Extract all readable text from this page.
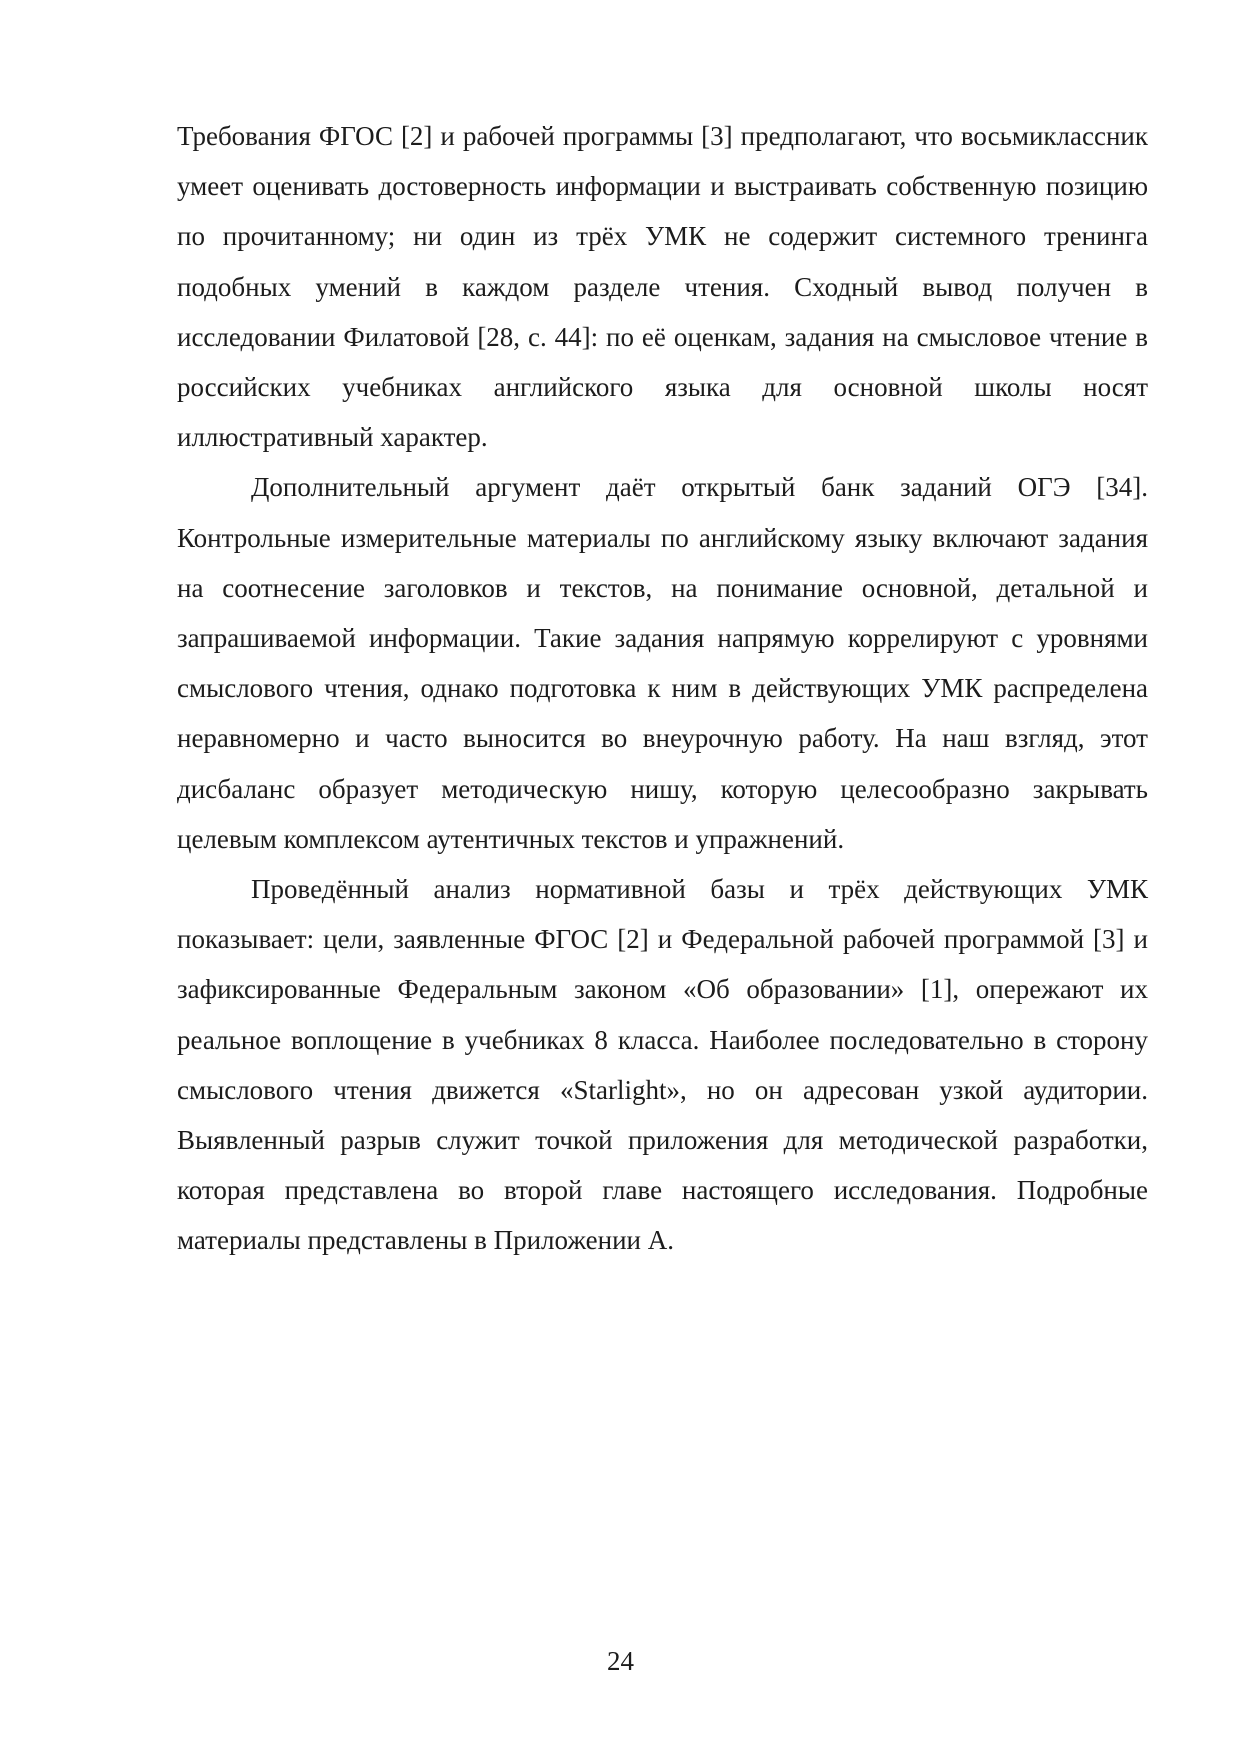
Требования ФГОС [2] и рабочей программы [3] предполагают, что восьмиклассник умеет оценивать достоверность информации и выстраивать собственную позицию по прочитанному; ни один из трёх УМК не содержит системного тренинга подобных умений в каждом разделе чтения. Сходный вывод получен в исследовании Филатовой [28, с. 44]: по её оценкам, задания на смысловое чтение в российских учебниках английского языка для основной школы носят иллюстративный характер.

Дополнительный аргумент даёт открытый банк заданий ОГЭ [34]. Контрольные измерительные материалы по английскому языку включают задания на соотнесение заголовков и текстов, на понимание основной, детальной и запрашиваемой информации. Такие задания напрямую коррелируют с уровнями смыслового чтения, однако подготовка к ним в действующих УМК распределена неравномерно и часто выносится во внеурочную работу. На наш взгляд, этот дисбаланс образует методическую нишу, которую целесообразно закрывать целевым комплексом аутентичных текстов и упражнений.

Проведённый анализ нормативной базы и трёх действующих УМК показывает: цели, заявленные ФГОС [2] и Федеральной рабочей программой [3] и зафиксированные Федеральным законом «Об образовании» [1], опережают их реальное воплощение в учебниках 8 класса. Наиболее последовательно в сторону смыслового чтения движется «Starlight», но он адресован узкой аудитории. Выявленный разрыв служит точкой приложения для методической разработки, которая представлена во второй главе настоящего исследования. Подробные материалы представлены в Приложении А.

24
